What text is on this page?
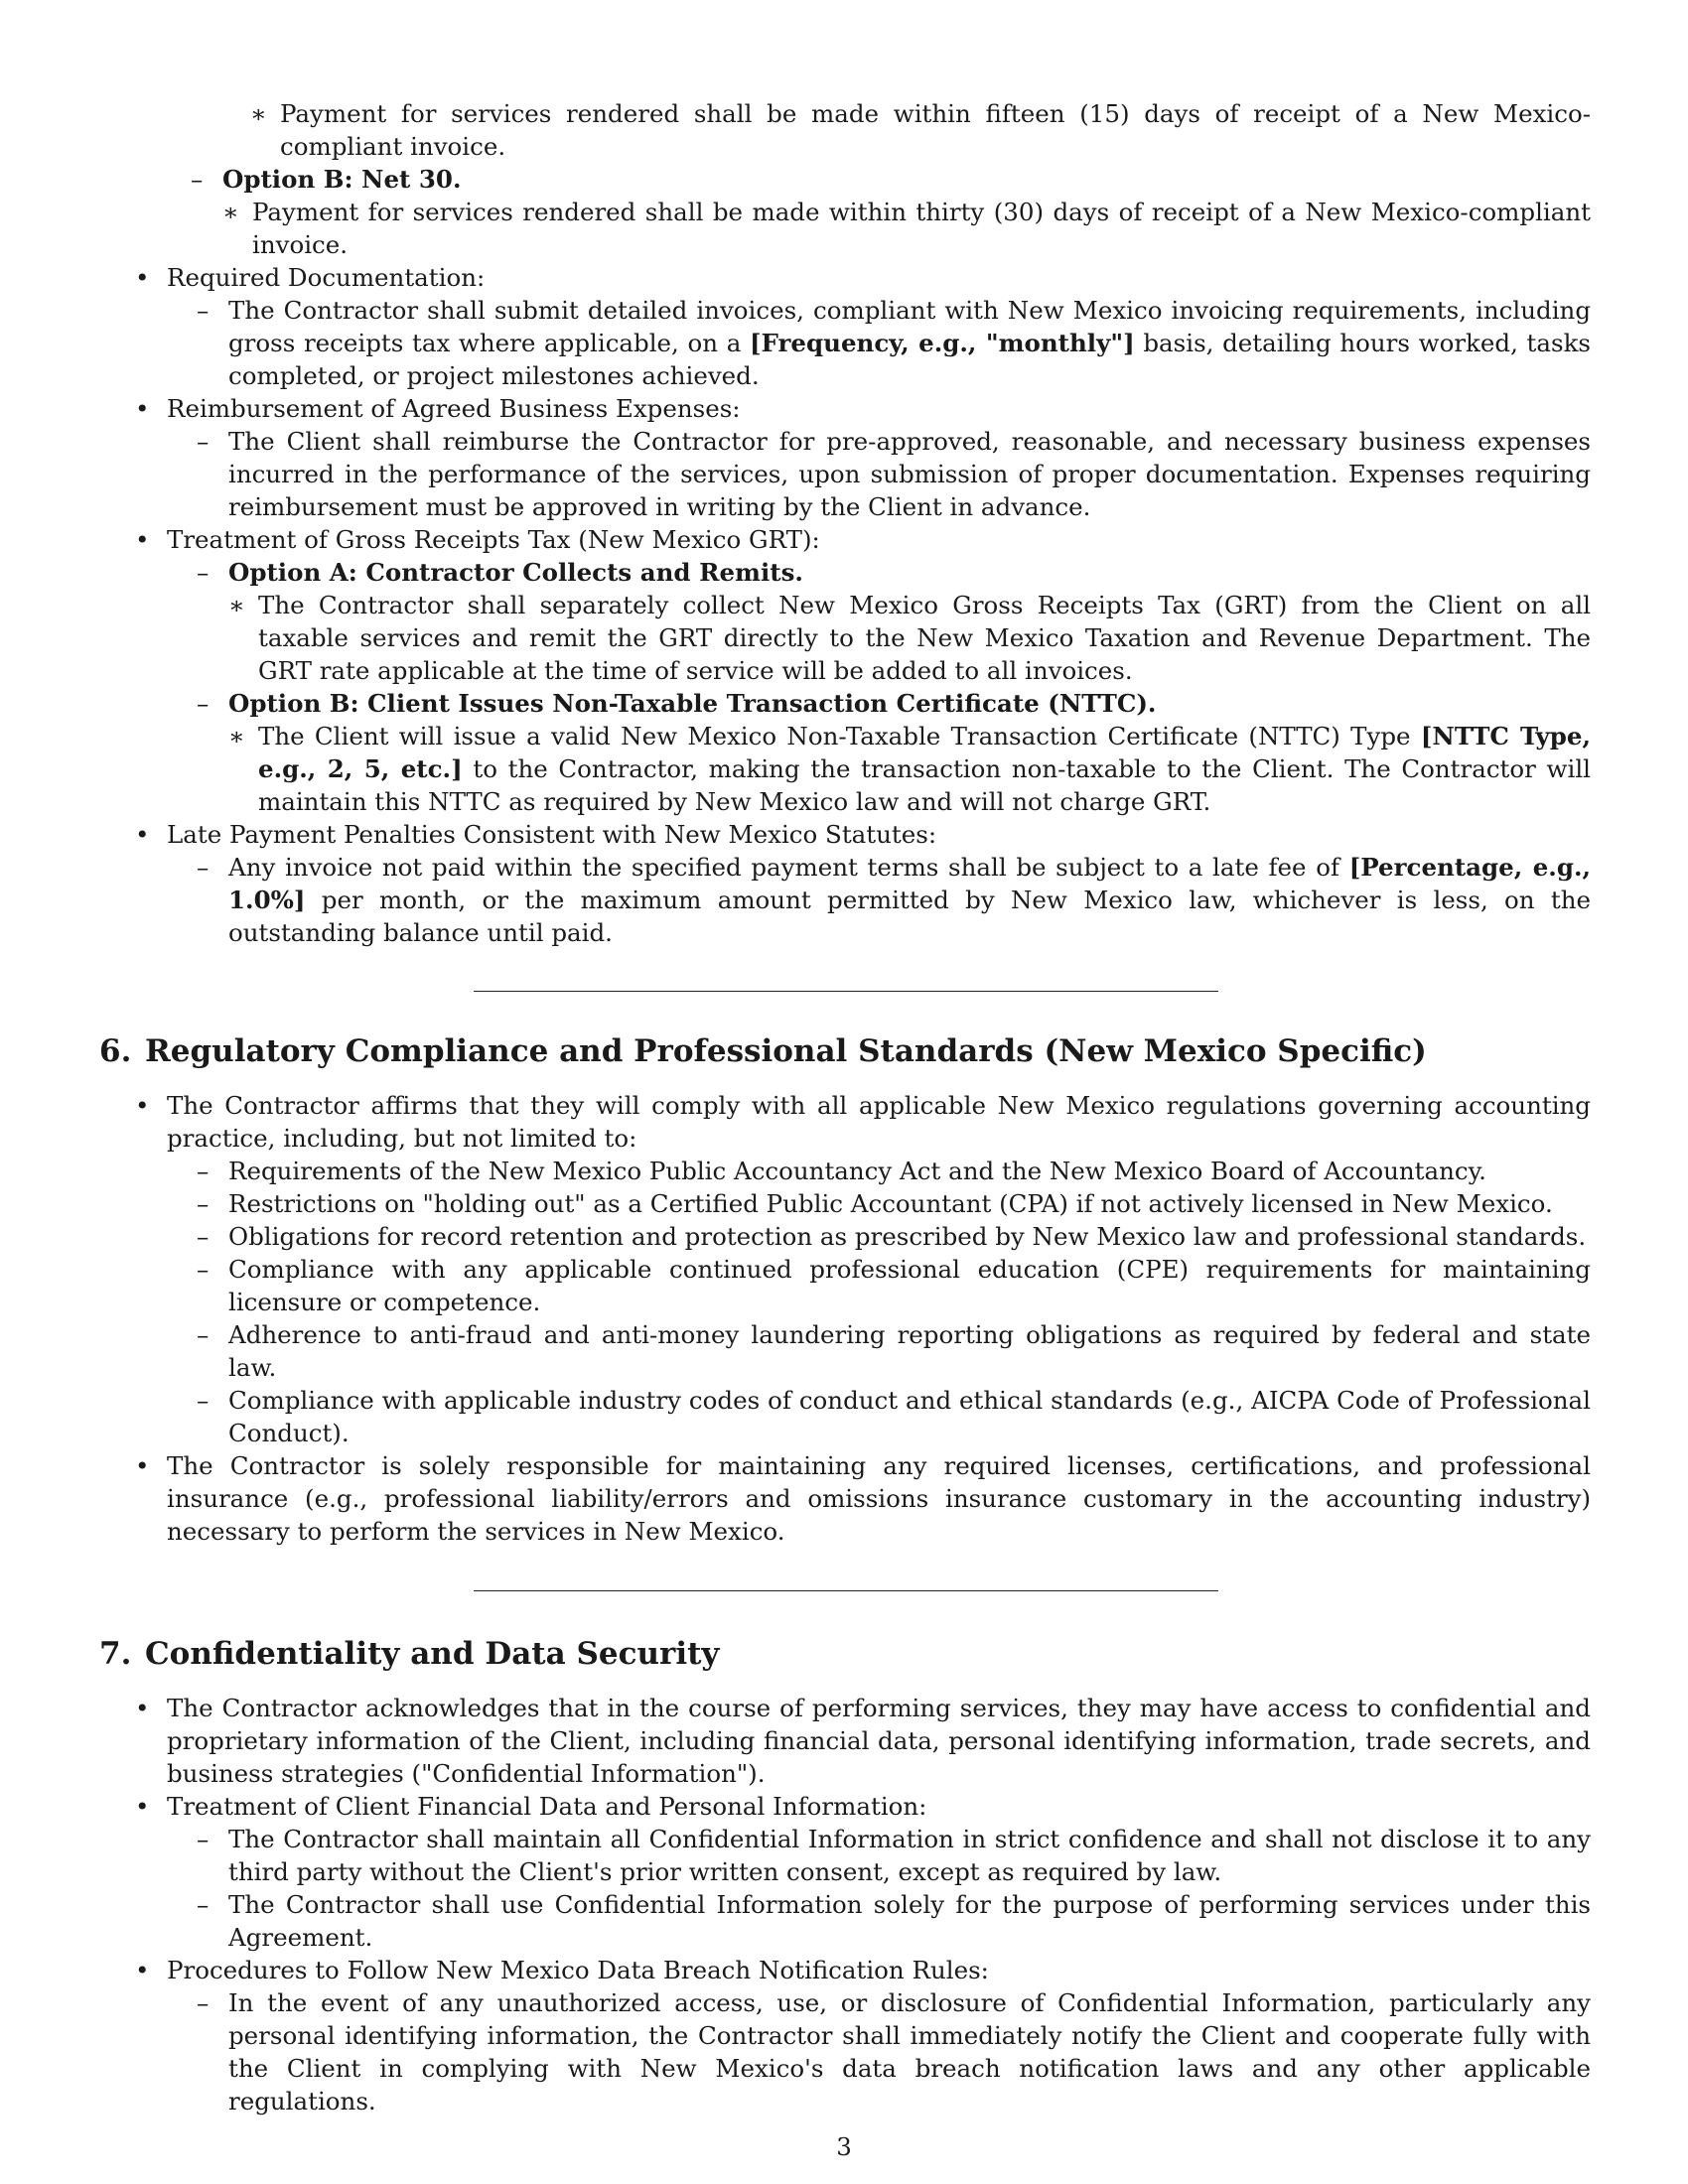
∗ Payment for services rendered shall be made within fifteen (15) days of receipt of a New Mexico-compliant invoice.
– Option B: Net 30.
∗ Payment for services rendered shall be made within thirty (30) days of receipt of a New Mexico-compliant invoice.
• Required Documentation:
– The Contractor shall submit detailed invoices, compliant with New Mexico invoicing requirements, including gross receipts tax where applicable, on a [Frequency, e.g., "monthly"] basis, detailing hours worked, tasks completed, or project milestones achieved.
• Reimbursement of Agreed Business Expenses:
– The Client shall reimburse the Contractor for pre-approved, reasonable, and necessary business expenses incurred in the performance of the services, upon submission of proper documentation. Expenses requiring reimbursement must be approved in writing by the Client in advance.
• Treatment of Gross Receipts Tax (New Mexico GRT):
– Option A: Contractor Collects and Remits.
∗ The Contractor shall separately collect New Mexico Gross Receipts Tax (GRT) from the Client on all taxable services and remit the GRT directly to the New Mexico Taxation and Revenue Department. The GRT rate applicable at the time of service will be added to all invoices.
– Option B: Client Issues Non-Taxable Transaction Certificate (NTTC).
∗ The Client will issue a valid New Mexico Non-Taxable Transaction Certificate (NTTC) Type [NTTC Type, e.g., 2, 5, etc.] to the Contractor, making the transaction non-taxable to the Client. The Contractor will maintain this NTTC as required by New Mexico law and will not charge GRT.
• Late Payment Penalties Consistent with New Mexico Statutes:
– Any invoice not paid within the specified payment terms shall be subject to a late fee of [Percentage, e.g., 1.0%] per month, or the maximum amount permitted by New Mexico law, whichever is less, on the outstanding balance until paid.
6. Regulatory Compliance and Professional Standards (New Mexico Specific)
• The Contractor affirms that they will comply with all applicable New Mexico regulations governing accounting practice, including, but not limited to:
– Requirements of the New Mexico Public Accountancy Act and the New Mexico Board of Accountancy.
– Restrictions on "holding out" as a Certified Public Accountant (CPA) if not actively licensed in New Mexico.
– Obligations for record retention and protection as prescribed by New Mexico law and professional standards.
– Compliance with any applicable continued professional education (CPE) requirements for maintaining licensure or competence.
– Adherence to anti-fraud and anti-money laundering reporting obligations as required by federal and state law.
– Compliance with applicable industry codes of conduct and ethical standards (e.g., AICPA Code of Professional Conduct).
• The Contractor is solely responsible for maintaining any required licenses, certifications, and professional insurance (e.g., professional liability/errors and omissions insurance customary in the accounting industry) necessary to perform the services in New Mexico.
7. Confidentiality and Data Security
• The Contractor acknowledges that in the course of performing services, they may have access to confidential and proprietary information of the Client, including financial data, personal identifying information, trade secrets, and business strategies ("Confidential Information").
• Treatment of Client Financial Data and Personal Information:
– The Contractor shall maintain all Confidential Information in strict confidence and shall not disclose it to any third party without the Client's prior written consent, except as required by law.
– The Contractor shall use Confidential Information solely for the purpose of performing services under this Agreement.
• Procedures to Follow New Mexico Data Breach Notification Rules:
– In the event of any unauthorized access, use, or disclosure of Confidential Information, particularly any personal identifying information, the Contractor shall immediately notify the Client and cooperate fully with the Client in complying with New Mexico's data breach notification laws and any other applicable regulations.
3
